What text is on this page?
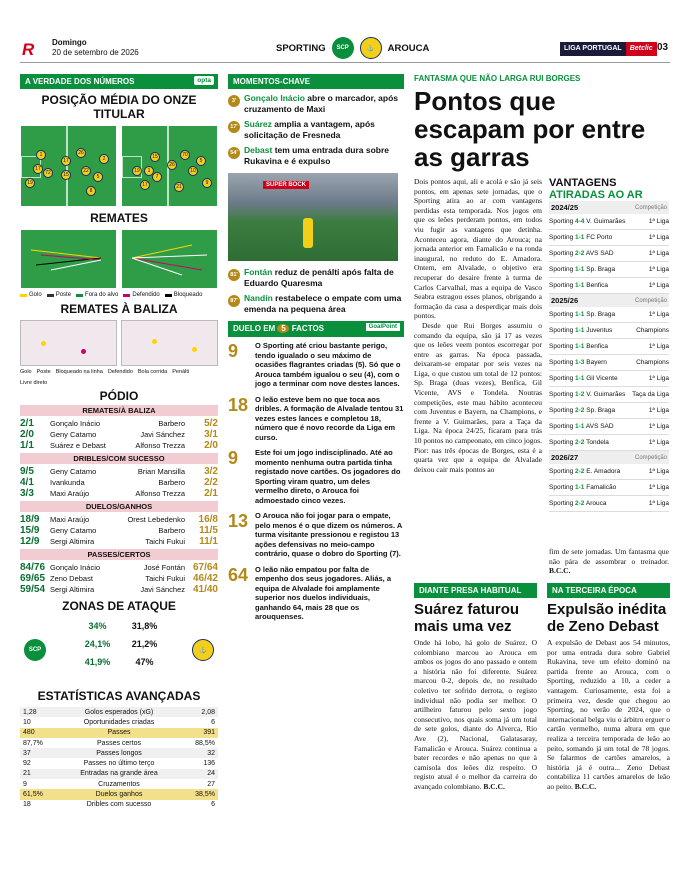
R Domingo
20 de setembro de 2026	SPORTING	SCP	⚓	AROUCA	LIGA PORTUGAL	Betclic 03
A VERDADE DOS NÚMEROS	opta
POSIÇÃO MÉDIA DO ONZE TITULAR
19
17
72
17
15
26
8
22
2
5
1
19
17
15
7
26
21
70
10
5
9
1
REMATES
Golo Poste Fora do alvo Defendido Bloqueado
REMATES À BALIZA
Golo Poste Bloqueado na linha Defendido Bola corrida Penálti
Livre direto
PÓDIO
REMATES/À BALIZA
2/1	Gonçalo Inácio	Barbero	5/2
2/0	Geny Catamo	Javi Sánchez	3/1
1/1	Suárez e Debast	Alfonso Trezza	2/0
DRIBLES/COM SUCESSO
9/5	Geny Catamo	Brian Mansilla	3/2
4/1	Ivankunda	Barbero	2/2
3/3	Maxi Araújo	Alfonso Trezza	2/1
DUELOS/GANHOS
18/9	Maxi Araújo	Orest Lebedenko	16/8
15/9	Geny Catamo	Barbero	11/5
12/9	Sergi Altimira	Taichi Fukui	11/1
PASSES/CERTOS
84/76 Gonçalo Inácio	José Fontán 67/64
69/65 Zeno Debast	Taichi Fukui 46/42
59/54 Sergi Altimira	Javi Sánchez 41/40
ZONAS DE ATAQUE
SCP	⚓
34%	31,8%
24,1%	21,2%
41,9%	47%
ESTATÍSTICAS AVANÇADAS
1,28	Golos esperados (xG)	2,08
10	Oportunidades criadas	6
480	Passes	391
87,7%	Passes certos	88,5%
37	Passes longos	32
92	Passes no último terço	136
21	Entradas na grande área	24
9	Cruzamentos	27
61,5%	Duelos ganhos	38,5%
18	Dribles com sucesso	6
MOMENTOS-CHAVE
3' Gonçalo Inácio abre o marcador, após cruzamento de Maxi
17' Suárez amplia a vantagem, após solicitação de Fresneda
54' Debast tem uma entrada dura sobre Rukavina e é expulso
SUPER BOCK
81' Fontán reduz de penálti após falta de Eduardo Quaresma
87' Nandín restabelece o empate com uma emenda na pequena área
DUELO EM 5 FACTOS	GoalPoint
9	O Sporting até criou bastante perigo, tendo igualado o seu máximo de ocasiões flagrantes criadas (5). Só que o Arouca também igualou o seu (4), com o jogo a terminar com nove destes lances.
18 O leão esteve bem no que toca aos dribles. A formação de Alvalade tentou 31 vezes estes lances e completou 18, número que é novo recorde da Liga em curso.
9	Este foi um jogo indisciplinado. Até ao momento nenhuma outra partida tinha registado nove cartões. Os jogadores do Sporting viram quatro, um deles vermelho direto, o Arouca foi admoestado cinco vezes.
13 O Arouca não foi jogar para o empate, pelo menos é o que dizem os números. A turma visitante pressionou e registou 13 ações defensivas no meio-campo contrário, quase o dobro do Sporting (7).
64 O leão não empatou por falta de empenho dos seus jogadores. Aliás, a equipa de Alvalade foi amplamente superior nos duelos individuais, ganhando 64, mais 28 que os arouquenses.
FANTASMA QUE NÃO LARGA RUI BORGES
Pontos que escapam por entre as garras

Dois pontos aqui, ali e acolá e são já seis pontos, em apenas sete jornadas, que o Sporting atira ao ar com vantagens perdidas esta temporada. Nos jogos em que os leões perderam pontos, em todos viu fugir as vantagens que detinha. Aconteceu agora, diante do Arouca; na jornada anterior em Famalicão e na ronda inaugural, no reduto do E. Amadora. Ontem, em Alvalade, o objetivo era recuperar do desaire frente à turma de Carlos Carvalhal, mas a equipa de Vasco Seabra estragou esses planos, obrigando a formação da casa a desperdiçar mais dois pontos.

Desde que Rui Borges assumiu o comando da equipa, são já 17 as vezes que os leões veem pontos escorregar por entre as garras. Na época passada, deixaram-se empatar por seis vezes na Liga, o que custou um total de 12 pontos: Sp. Braga (duas vezes), Benfica, Gil Vicente, AVS e Tondela. Noutras competições, este mau hábito aconteceu com Juventus e Bayern, na Champions, e frente a V. Guimarães, para a Taça da Liga. Na época 24/25, ficaram para trás 10 pontos no campeonato, em cinco jogos. Pior: nas três épocas de Borges, esta é a quarta vez que a equipa de Alvalade deixou cair mais pontos ao

VANTAGENS
ATIRADAS AO AR
2024/25	Competição
Sporting 4-4 V. Guimarães	1ª Liga
Sporting 1-1 FC Porto	1ª Liga
Sporting 2-2 AVS SAD	1ª Liga
Sporting 1-1 Sp. Braga	1ª Liga
Sporting 1-1 Benfica	1ª Liga
2025/26	Competição
Sporting 1-1 Sp. Braga	1ª Liga
Sporting 1-1 Juventus	Champions
Sporting 1-1 Benfica	1ª Liga
Sporting 1-3 Bayern	Champions
Sporting 1-1 Gil Vicente	1ª Liga
Sporting 1-2 V. Guimarães	Taça da Liga
Sporting 2-2 Sp. Braga	1ª Liga
Sporting 1-1 AVS SAD	1ª Liga
Sporting 2-2 Tondela	1ª Liga
2026/27	Competição
Sporting 2-2 E. Amadora	1ª Liga
Sporting 1-1 Famalicão	1ª Liga
Sporting 2-2 Arouca	1ª Liga

fim de sete jornadas. Um fantasma que não pára de assombrar o treinador. B.C.C.

DIANTE PRESA HABITUAL
Suárez faturou mais uma vez

Onde há lobo, há golo de Suárez. O colombiano marcou ao Arouca em ambos os jogos do ano passado e ontem a história não foi diferente. Suárez marcou 0-2, depois de, no resultado coletivo ter sofrido derrota, o registo individual não podia ser melhor. O artilheiro faturou pelo sexto jogo consecutivo, nos quais soma já um total de sete golos, diante do Alverca, Rio Ave (2), Nacional, Galatasaray, Famalicão e Arouca. Suárez continua a bater recordes e não apenas no que à camisola dos leões diz respeito. O registo atual é o melhor da carreira do avançado colombiano. B.C.C.

NA TERCEIRA ÉPOCA
Expulsão inédita de Zeno Debast

A expulsão de Debast aos 54 minutos, por uma entrada dura sobre Gabriel Rukavina, teve um efeito dominó na partida frente ao Arouca, com o Sporting, reduzido a 10, a ceder a vantagem. Curiosamente, esta foi a primeira vez, desde que chegou ao Sporting, no verão de 2024, que o internacional belga viu o árbitro erguer o cartão vermelho, numa altura em que realiza a terceira temporada de leão ao peito, somando já um total de 78 jogos. Se falarmos de cartões amarelos, a história já é outra... Zeno Debast contabiliza 11 cartões amarelos de leão ao peito. B.C.C.
